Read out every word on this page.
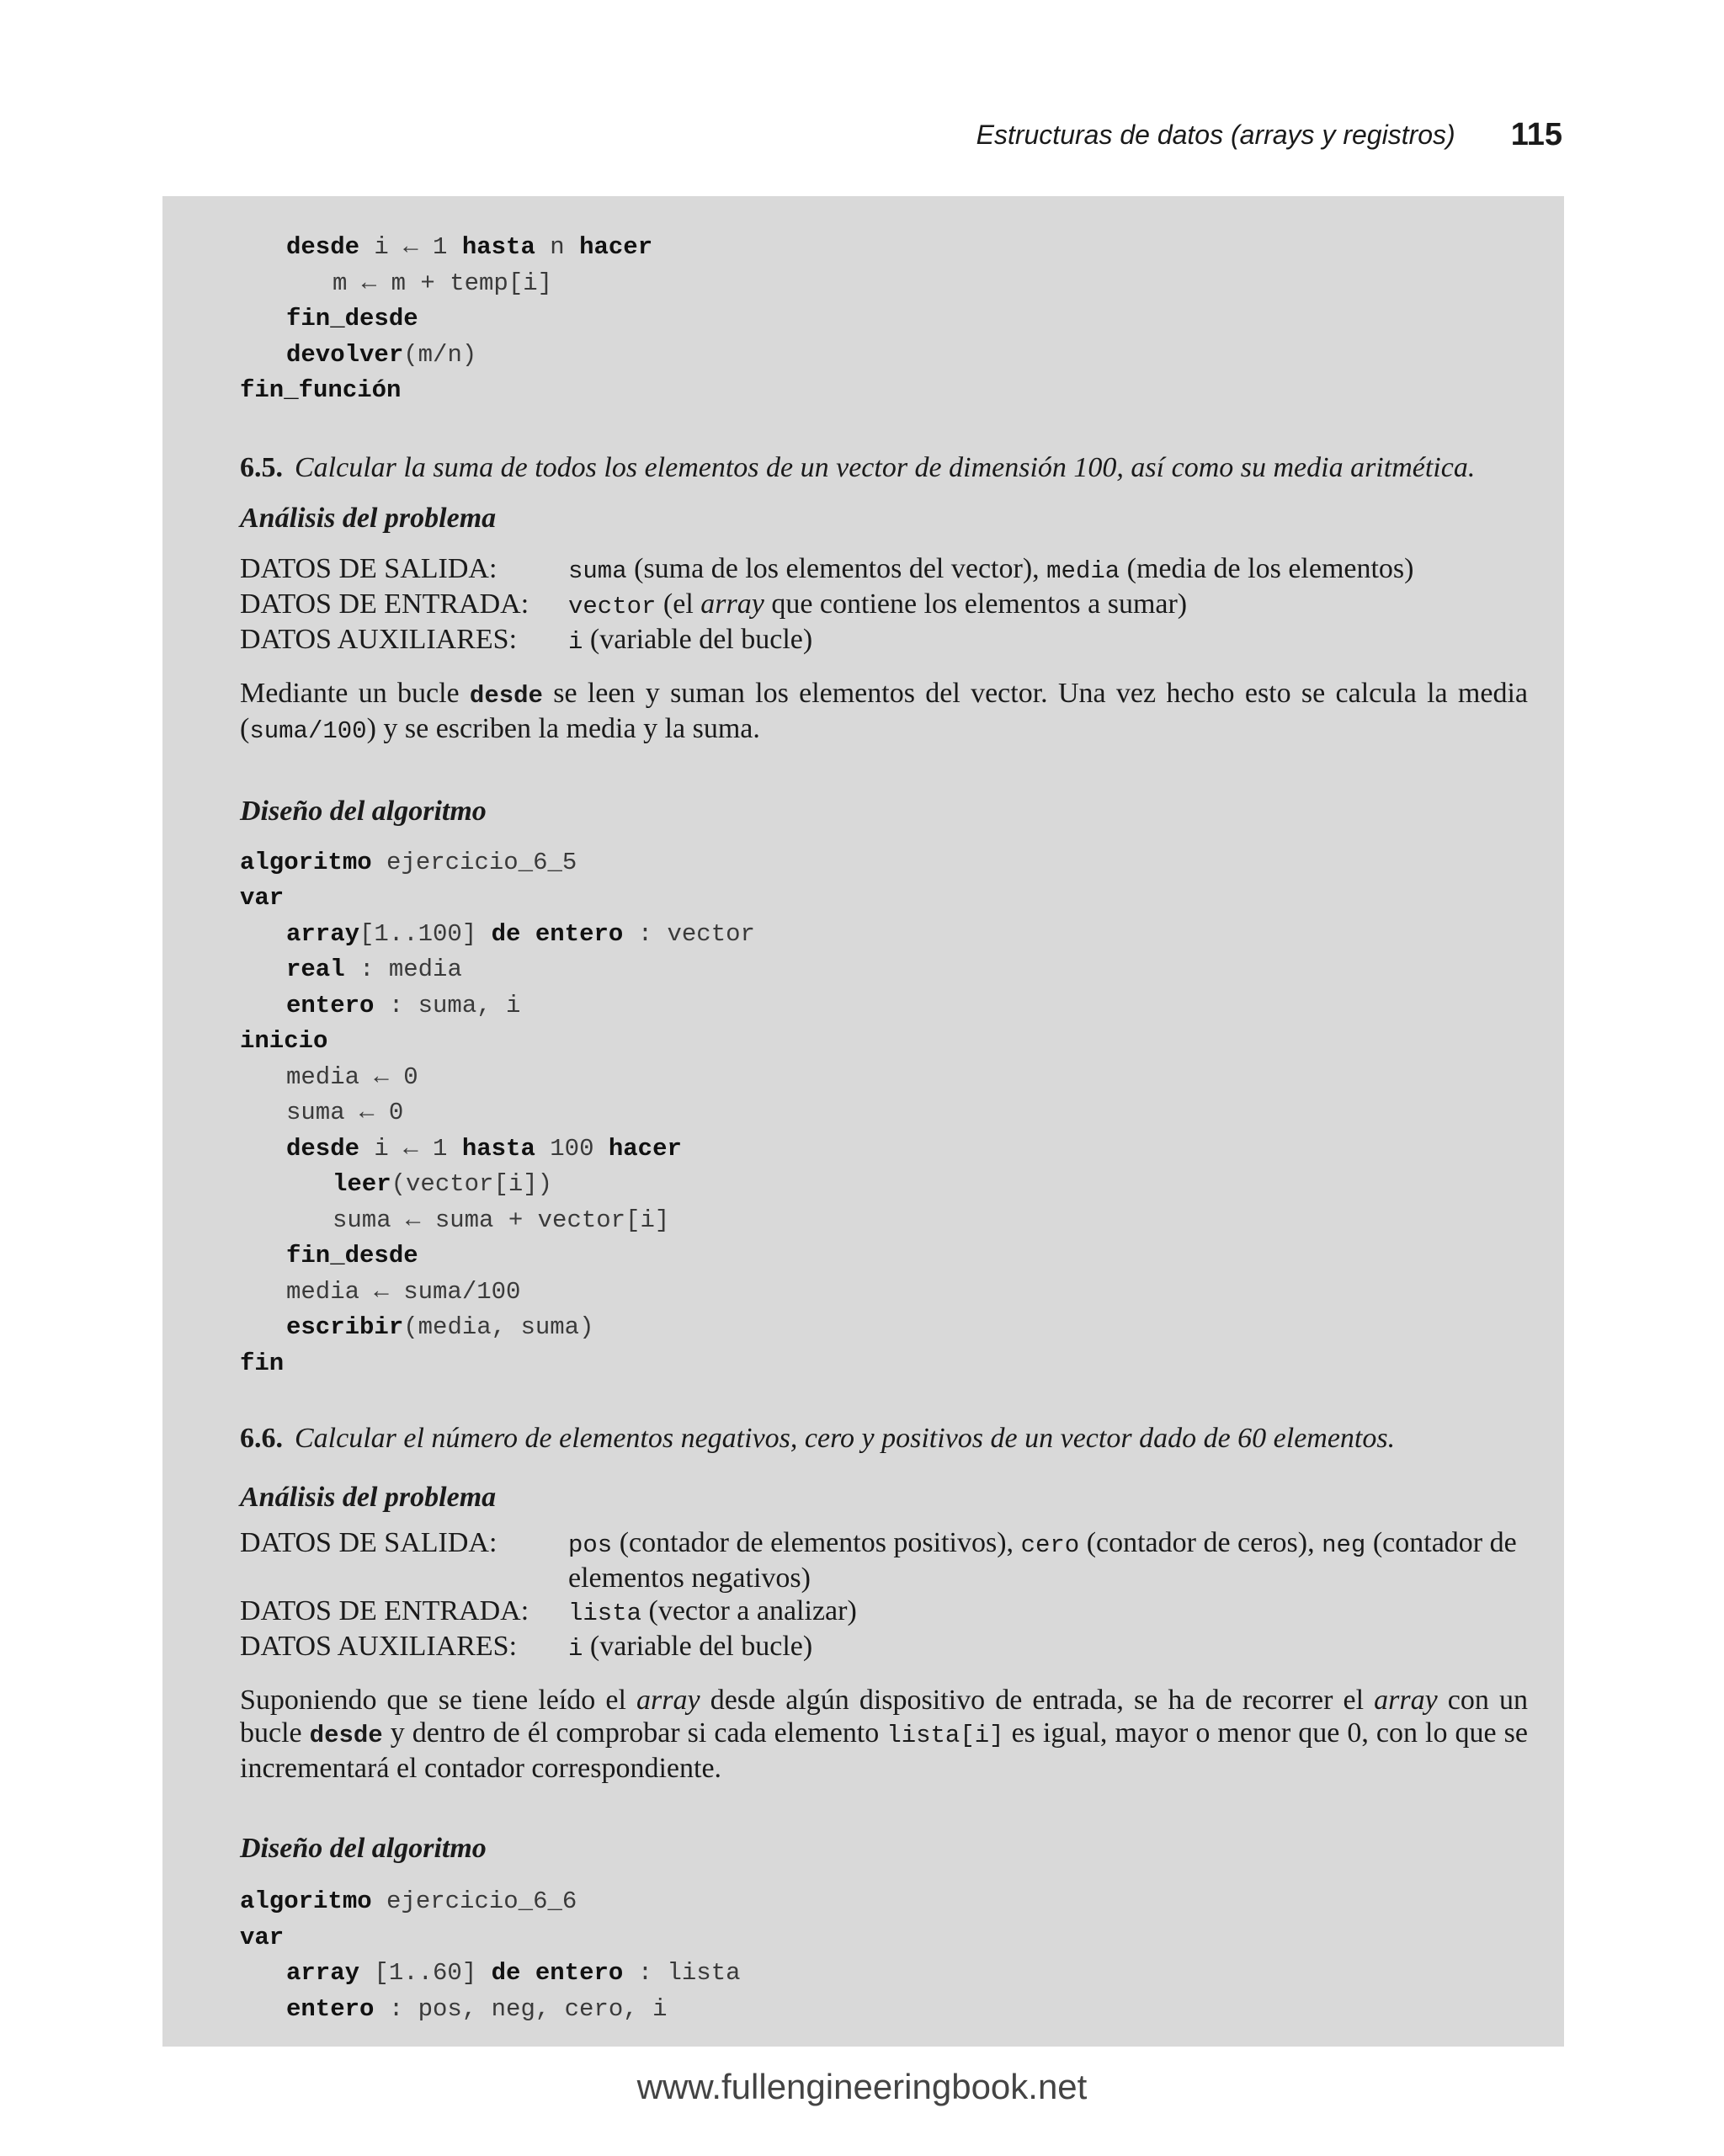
Estructuras de datos (arrays y registros) 115
desde i ← 1 hasta n hacer
m ← m + temp[i]
fin_desde
devolver(m/n)
fin_función
6.5. Calcular la suma de todos los elementos de un vector de dimensión 100, así como su media aritmética.
Análisis del problema
DATOS DE SALIDA:	suma (suma de los elementos del vector), media (media de los elementos)
DATOS DE ENTRADA:	vector (el array que contiene los elementos a sumar)
DATOS AUXILIARES:	i (variable del bucle)
Mediante un bucle desde se leen y suman los elementos del vector. Una vez hecho esto se calcula la media (suma/100) y se escriben la media y la suma.
Diseño del algoritmo
algoritmo ejercicio_6_5
var
array[1..100] de entero : vector
real : media
entero : suma, i
inicio
media ← 0
suma ← 0
desde i ← 1 hasta 100 hacer
leer(vector[i])
suma ← suma + vector[i]
fin_desde
media ← suma/100
escribir(media, suma)
fin
6.6. Calcular el número de elementos negativos, cero y positivos de un vector dado de 60 elementos.
Análisis del problema
DATOS DE SALIDA:	pos (contador de elementos positivos), cero (contador de ceros), neg (contador de elementos negativos)
DATOS DE ENTRADA:	lista (vector a analizar)
DATOS AUXILIARES:	i (variable del bucle)
Suponiendo que se tiene leído el array desde algún dispositivo de entrada, se ha de recorrer el array con un bucle desde y dentro de él comprobar si cada elemento lista[i] es igual, mayor o menor que 0, con lo que se incrementará el contador correspondiente.
Diseño del algoritmo
algoritmo ejercicio_6_6
var
array [1..60] de entero : lista
entero : pos, neg, cero, i
www.fullengineeringbook.net
